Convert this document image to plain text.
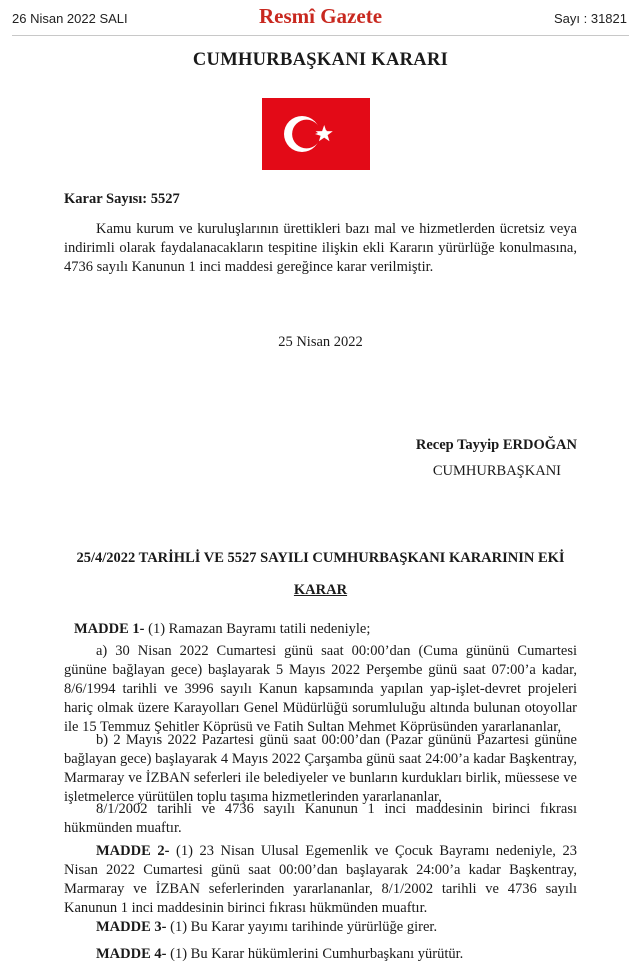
26 Nisan 2022 SALI	Resmî Gazete	Sayı : 31821
CUMHURBAŞKANI KARARI
Karar Sayısı: 5527

Kamu kurum ve kuruluşlarının ürettikleri bazı mal ve hizmetlerden ücretsiz veya indirimli olarak faydalanacakların tespitine ilişkin ekli Kararın yürürlüğe konulmasına, 4736 sayılı Kanunun 1 inci maddesi gereğince karar verilmiştir.

25 Nisan 2022
Recep Tayyip ERDOĞAN
CUMHURBAŞKANI
25/4/2022 TARİHLİ VE 5527 SAYILI CUMHURBAŞKANI KARARININ EKİ
KARAR

MADDE 1- (1) Ramazan Bayramı tatili nedeniyle;

a) 30 Nisan 2022 Cumartesi günü saat 00:00’dan (Cuma gününü Cumartesi gününe bağlayan gece) başlayarak 5 Mayıs 2022 Perşembe günü saat 07:00’a kadar, 8/6/1994 tarihli ve 3996 sayılı Kanun kapsamında yapılan yap-işlet-devret projeleri hariç olmak üzere Karayolları Genel Müdürlüğü sorumluluğu altında bulunan otoyollar ile 15 Temmuz Şehitler Köprüsü ve Fatih Sultan Mehmet Köprüsünden yararlananlar,

b) 2 Mayıs 2022 Pazartesi günü saat 00:00’dan (Pazar gününü Pazartesi gününe bağlayan gece) başlayarak 4 Mayıs 2022 Çarşamba günü saat 24:00’a kadar Başkentray, Marmaray ve İZBAN seferleri ile belediyeler ve bunların kurdukları birlik, müessese ve işletmelerce yürütülen toplu taşıma hizmetlerinden yararlananlar,

8/1/2002 tarihli ve 4736 sayılı Kanunun 1 inci maddesinin birinci fıkrası hükmünden muaftır.

MADDE 2- (1) 23 Nisan Ulusal Egemenlik ve Çocuk Bayramı nedeniyle, 23 Nisan 2022 Cumartesi günü saat 00:00’dan başlayarak 24:00’a kadar Başkentray, Marmaray ve İZBAN seferlerinden yararlananlar, 8/1/2002 tarihli ve 4736 sayılı Kanunun 1 inci maddesinin birinci fıkrası hükmünden muaftır.

MADDE 3- (1) Bu Karar yayımı tarihinde yürürlüğe girer.

MADDE 4- (1) Bu Karar hükümlerini Cumhurbaşkanı yürütür.
